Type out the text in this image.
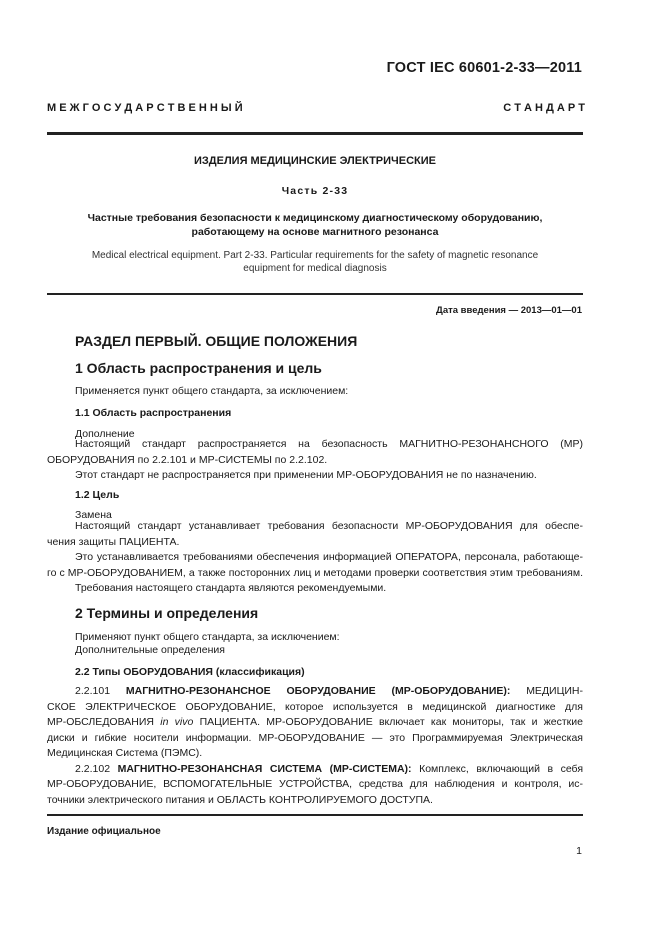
ГОСТ IEC 60601-2-33—2011
М Е Ж Г О С У Д А Р С Т В Е Н Н Ы Й	С Т А Н Д А Р Т
ИЗДЕЛИЯ МЕДИЦИНСКИЕ ЭЛЕКТРИЧЕСКИЕ
Часть 2-33
Частные требования безопасности к медицинскому диагностическому оборудованию,
работающему на основе магнитного резонанса
Medical electrical equipment. Part 2-33. Particular requirements for the safety of magnetic resonance
equipment for medical diagnosis
Дата введения — 2013—01—01
РАЗДЕЛ ПЕРВЫЙ. ОБЩИЕ ПОЛОЖЕНИЯ
1 Область распространения и цель
Применяется пункт общего стандарта, за исключением:
1.1 Область распространения
Дополнение
Настоящий стандарт распространяется на безопасность МАГНИТНО-РЕЗОНАНСНОГО (МР)
ОБОРУДОВАНИЯ по 2.2.101 и МР-СИСТЕМЫ по 2.2.102.
Этот стандарт не распространяется при применении МР-ОБОРУДОВАНИЯ не по назначению.
1.2 Цель
Замена
Настоящий стандарт устанавливает требования безопасности МР-ОБОРУДОВАНИЯ для обеспе-
чения защиты ПАЦИЕНТА.
Это устанавливается требованиями обеспечения информацией ОПЕРАТОРА, персонала, работающе-
го с МР-ОБОРУДОВАНИЕМ, а также посторонних лиц и методами проверки соответствия этим требованиям.
Требования настоящего стандарта являются рекомендуемыми.
2 Термины и определения
Применяют пункт общего стандарта, за исключением:
Дополнительные определения
2.2 Типы ОБОРУДОВАНИЯ (классификация)
2.2.101 МАГНИТНО-РЕЗОНАНСНОЕ ОБОРУДОВАНИЕ (МР-ОБОРУДОВАНИЕ): МЕДИЦИН-
СКОЕ ЭЛЕКТРИЧЕСКОЕ ОБОРУДОВАНИЕ, которое используется в медицинской диагностике для
МР-ОБСЛЕДОВАНИЯ in vivo ПАЦИЕНТА. МР-ОБОРУДОВАНИЕ включает как мониторы, так и жесткие
диски и гибкие носители информации. МР-ОБОРУДОВАНИЕ — это Программируемая Электрическая
Медицинская Система (ПЭМС).
2.2.102 МАГНИТНО-РЕЗОНАНСНАЯ СИСТЕМА (МР-СИСТЕМА): Комплекс, включающий в себя
МР-ОБОРУДОВАНИЕ, ВСПОМОГАТЕЛЬНЫЕ УСТРОЙСТВА, средства для наблюдения и контроля, ис-
точники электрического питания и ОБЛАСТЬ КОНТРОЛИРУЕМОГО ДОСТУПА.
Издание официальное
1
